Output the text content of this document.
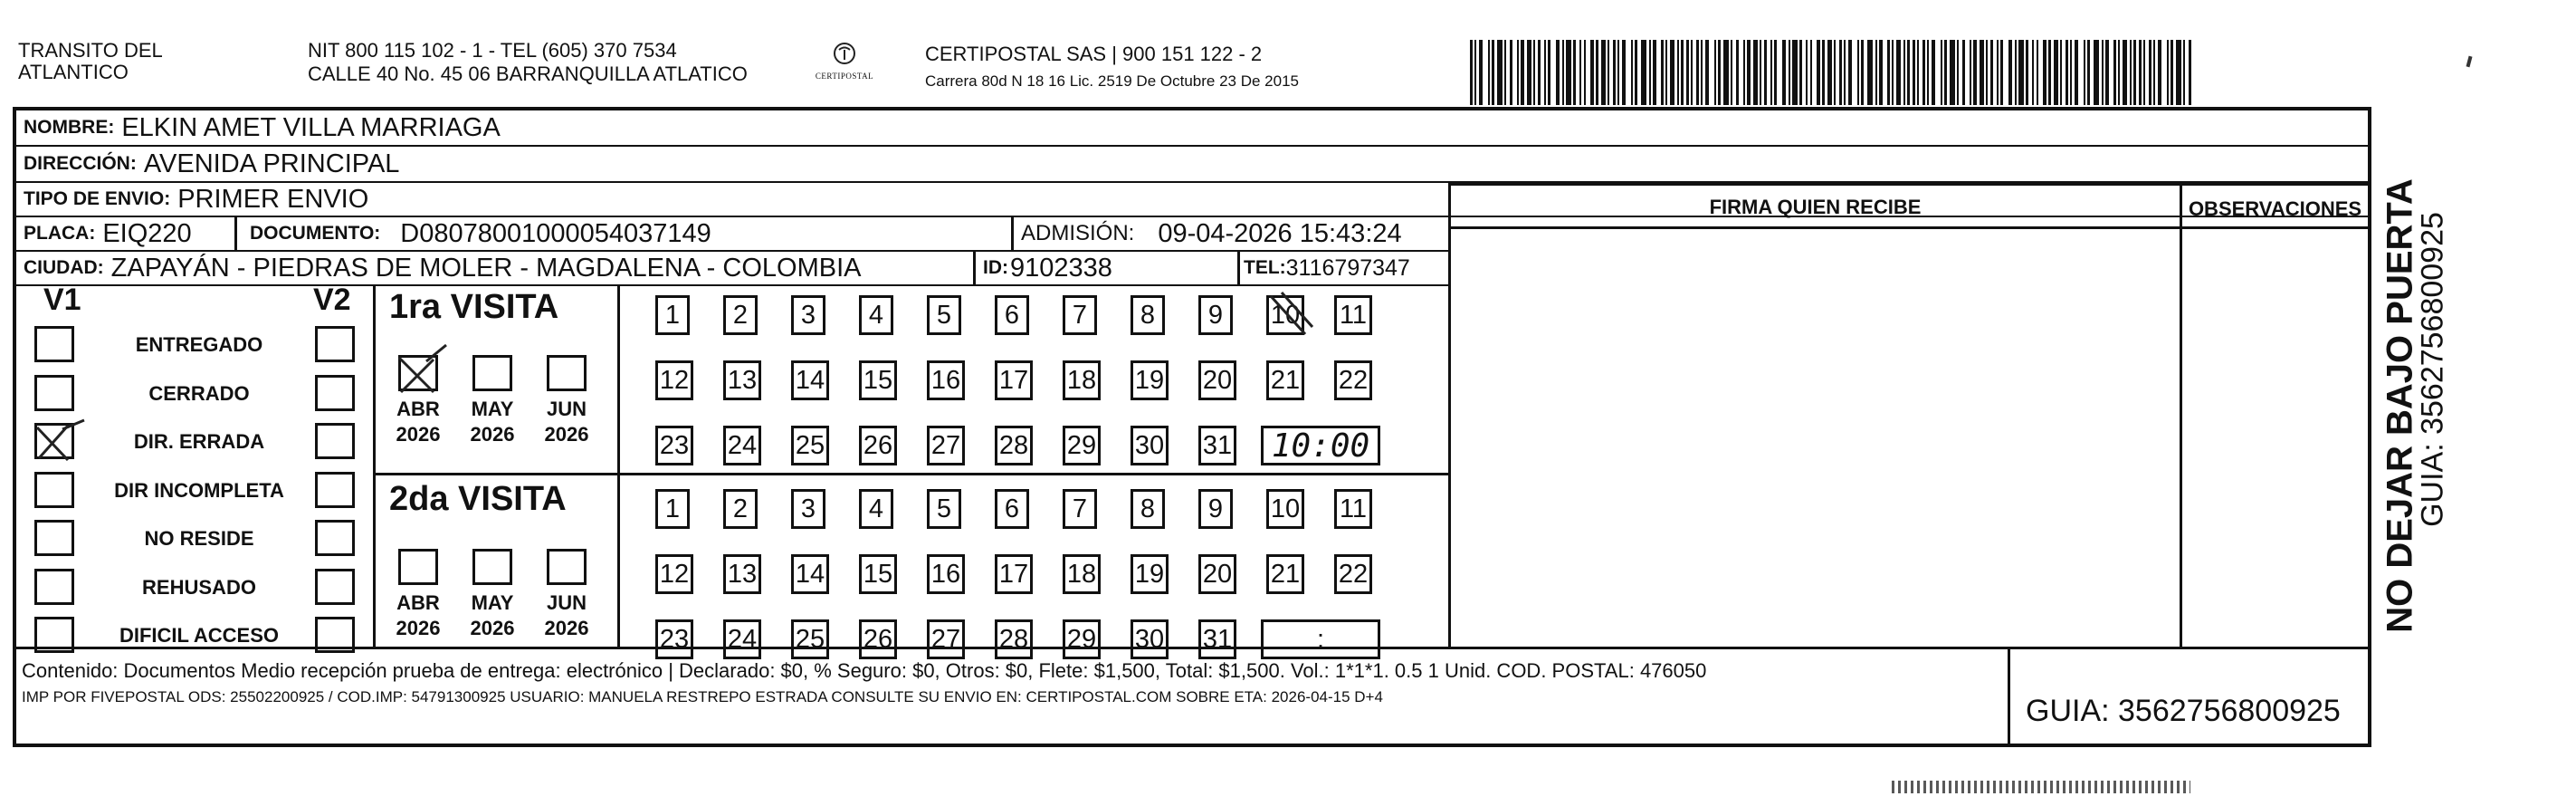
TRANSITO DEL
ATLANTICO
NIT 800 115 102 - 1 - TEL (605) 370 7534
CALLE 40 No. 45 06 BARRANQUILLA ATLATICO	CERTIPOSTAL
CERTIPOSTAL SAS | 900 151 122 - 2
Carrera 80d N 18 16 Lic. 2519 De Octubre 23 De 2015
NOMBRE: ELKIN AMET VILLA MARRIAGA
DIRECCIÓN: AVENIDA PRINCIPAL
TIPO DE ENVIO: PRIMER ENVIO
PLACA: EIQ220	DOCUMENTO: D08078001000054037149	ADMISIÓN: 09-04-2026 15:43:24
CIUDAD: ZAPAYÁN - PIEDRAS DE MOLER - MAGDALENA - COLOMBIA	ID: 9102338	TEL: 3116797347
FIRMA QUIEN RECIBE	OBSERVACIONES
V1	V2
ENTREGADO
CERRADO
DIR. ERRADA
DIR INCOMPLETA
NO RESIDE
REHUSADO
DIFICIL ACCESO
1ra VISITA
2da VISITA
ABR
2026
MAY
2026
JUN
2026
ABR
2026
MAY
2026
JUN
2026
1	2	3	4	5	6	7	8	9	10 11
12 13 14 15 16 17 18 19 20 21 22
23 24 25 26 27 28 29 30 31	10:00
1	2	3	4	5	6	7	8	9	10 11
12 13 14 15 16 17 18 19 20 21 22
23 24 25 26 27 28 29 30 31	:
Contenido: Documentos Medio recepción prueba de entrega: electrónico | Declarado: $0, % Seguro: $0, Otros: $0, Flete: $1,500, Total: $1,500. Vol.: 1*1*1. 0.5 1 Unid. COD. POSTAL: 476050
IMP POR FIVEPOSTAL ODS: 25502200925 / COD.IMP: 54791300925 USUARIO: MANUELA RESTREPO ESTRADA CONSULTE SU ENVIO EN: CERTIPOSTAL.COM SOBRE ETA: 2026-04-15 D+4	GUIA: 3562756800925
NO DEJAR BAJO PUERTA
GUIA: 3562756800925
